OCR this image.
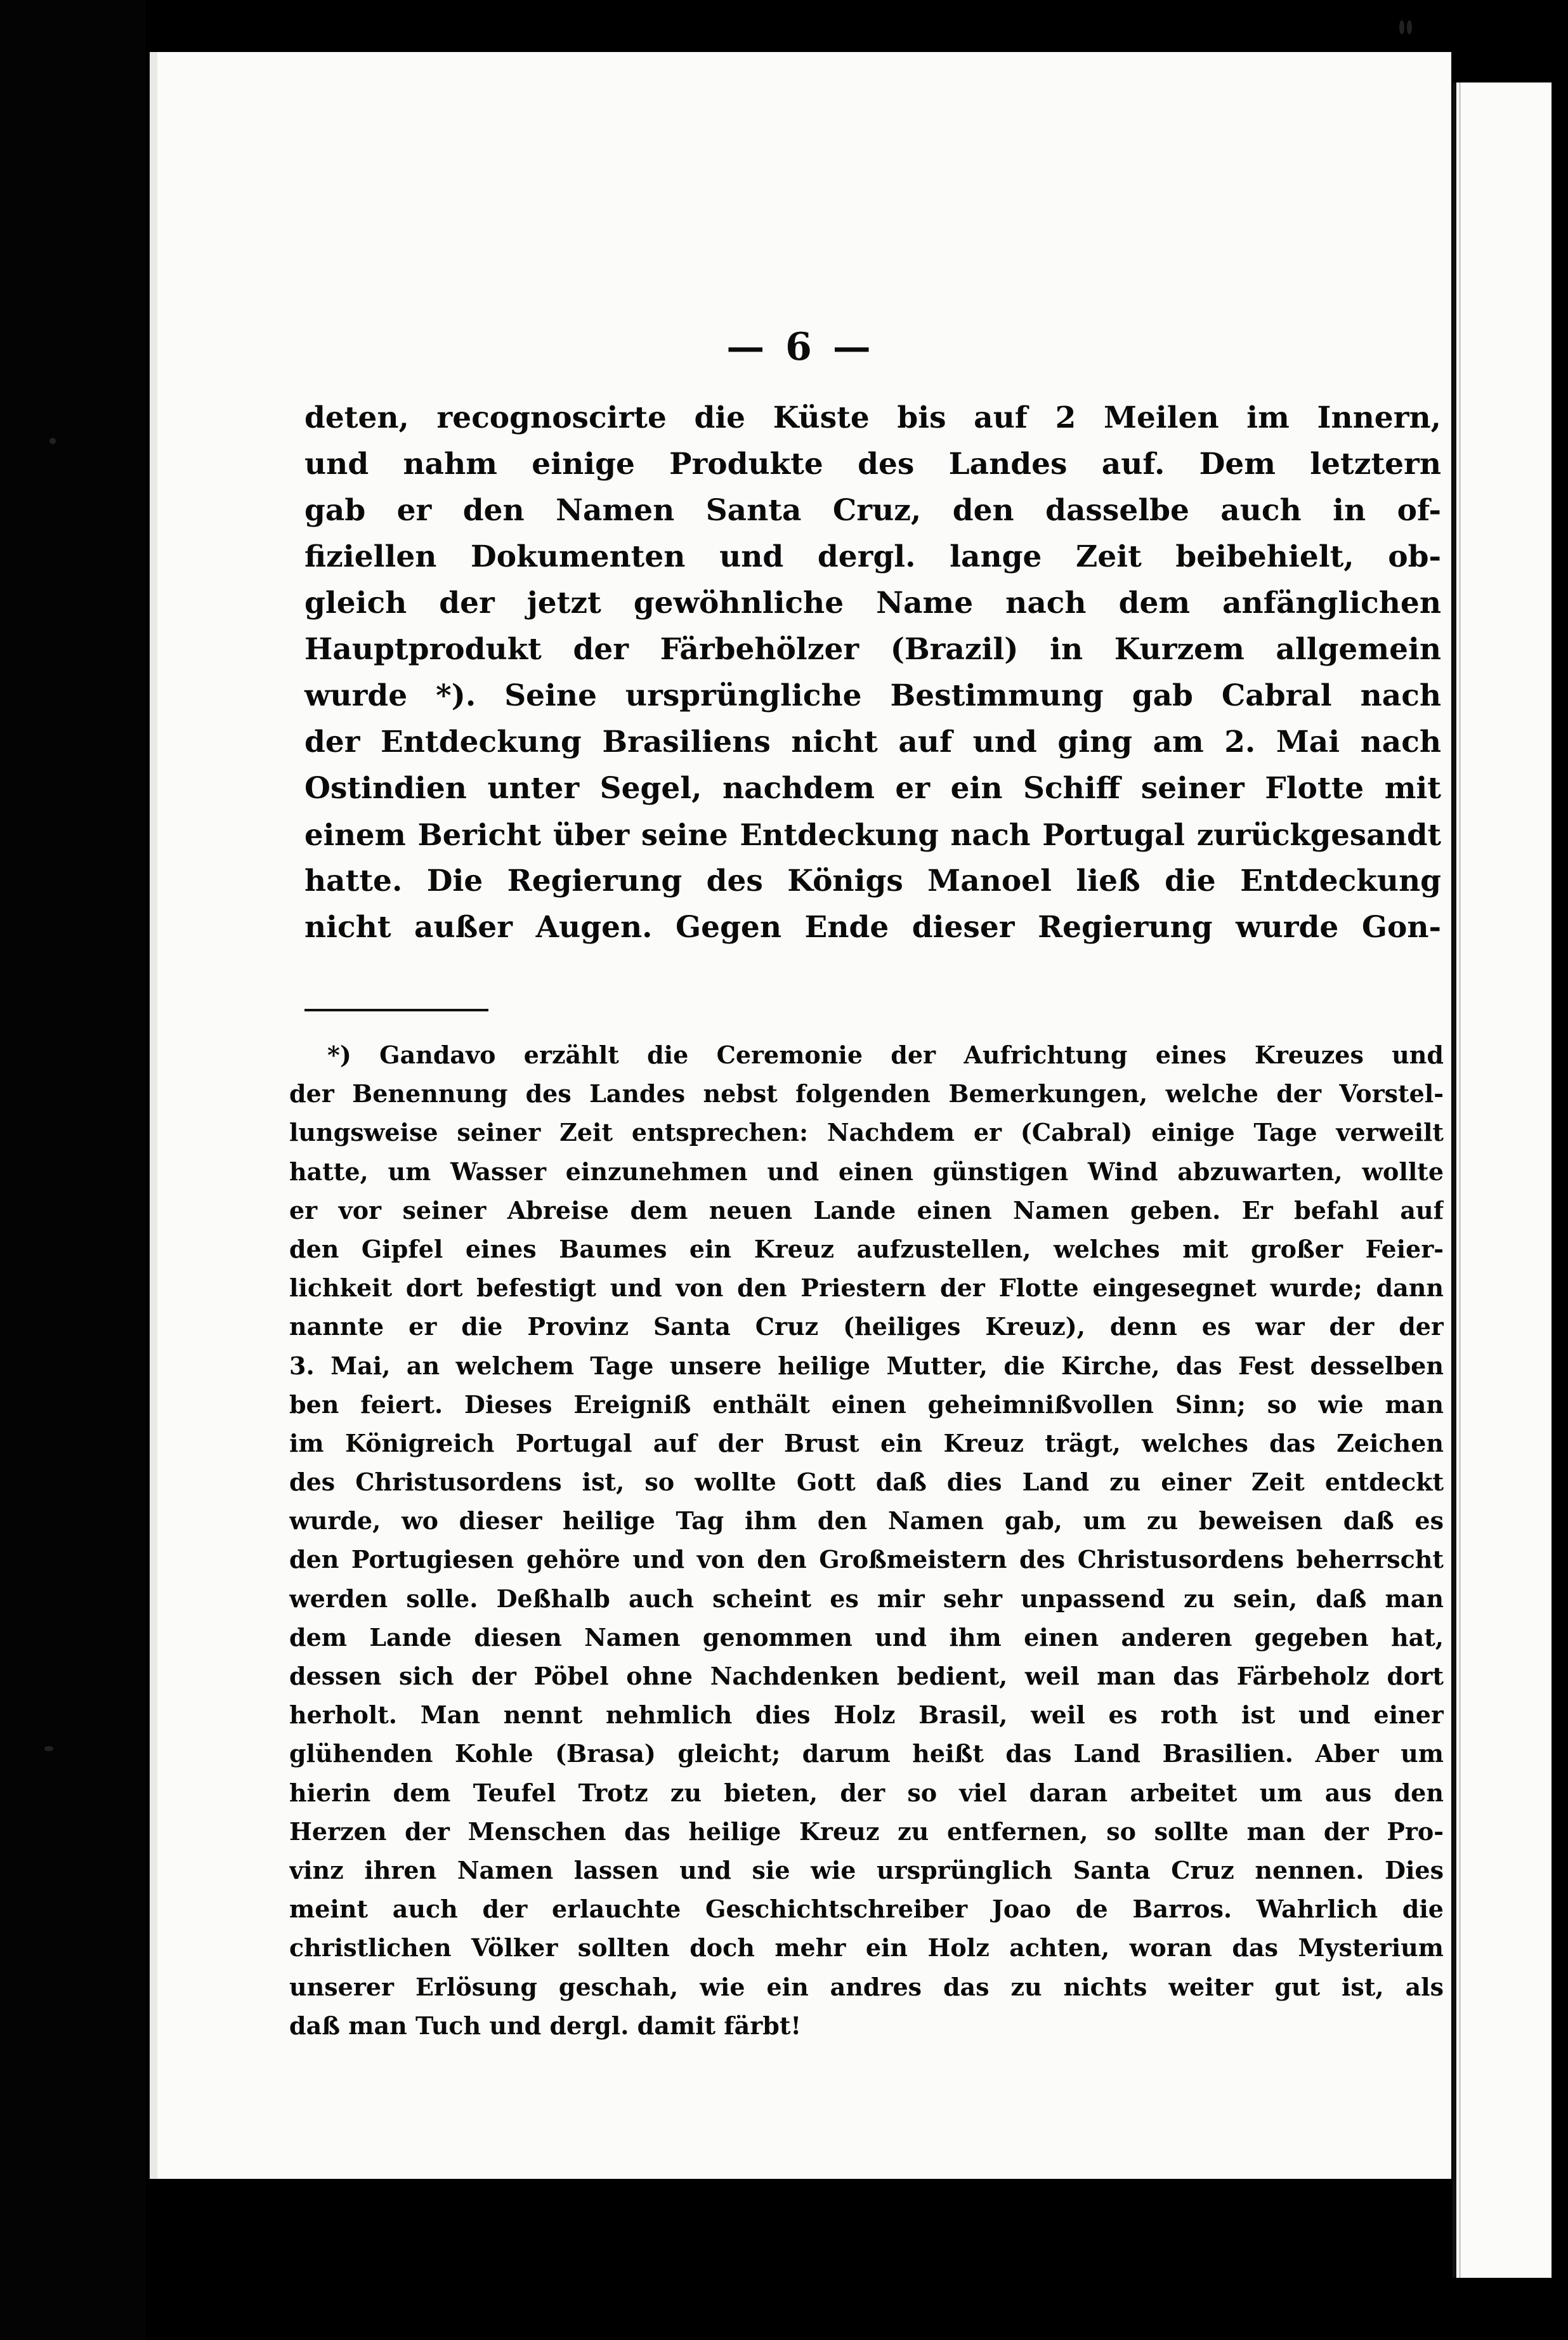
— 6 —
deten, recognoscirte die Küste bis auf 2 Meilen im Innern,
und nahm einige Produkte des Landes auf. Dem letztern
gab er den Namen Santa Cruz, den dasselbe auch in of-
fiziellen Dokumenten und dergl. lange Zeit beibehielt, ob-
gleich der jetzt gewöhnliche Name nach dem anfänglichen
Hauptprodukt der Färbehölzer (Brazil) in Kurzem allgemein
wurde *). Seine ursprüngliche Bestimmung gab Cabral nach
der Entdeckung Brasiliens nicht auf und ging am 2. Mai nach
Ostindien unter Segel, nachdem er ein Schiff seiner Flotte mit
einem Bericht über seine Entdeckung nach Portugal zurückgesandt
hatte. Die Regierung des Königs Manoel ließ die Entdeckung
nicht außer Augen. Gegen Ende dieser Regierung wurde Gon-
*) Gandavo erzählt die Ceremonie der Aufrichtung eines Kreuzes und
der Benennung des Landes nebst folgenden Bemerkungen, welche der Vorstel-
lungsweise seiner Zeit entsprechen: Nachdem er (Cabral) einige Tage verweilt
hatte, um Wasser einzunehmen und einen günstigen Wind abzuwarten, wollte
er vor seiner Abreise dem neuen Lande einen Namen geben. Er befahl auf
den Gipfel eines Baumes ein Kreuz aufzustellen, welches mit großer Feier-
lichkeit dort befestigt und von den Priestern der Flotte eingesegnet wurde; dann
nannte er die Provinz Santa Cruz (heiliges Kreuz), denn es war der der
3. Mai, an welchem Tage unsere heilige Mutter, die Kirche, das Fest desselben
ben feiert. Dieses Ereigniß enthält einen geheimnißvollen Sinn; so wie man
im Königreich Portugal auf der Brust ein Kreuz trägt, welches das Zeichen
des Christusordens ist, so wollte Gott daß dies Land zu einer Zeit entdeckt
wurde, wo dieser heilige Tag ihm den Namen gab, um zu beweisen daß es
den Portugiesen gehöre und von den Großmeistern des Christusordens beherrscht
werden solle. Deßhalb auch scheint es mir sehr unpassend zu sein, daß man
dem Lande diesen Namen genommen und ihm einen anderen gegeben hat,
dessen sich der Pöbel ohne Nachdenken bedient, weil man das Färbeholz dort
herholt. Man nennt nehmlich dies Holz Brasil, weil es roth ist und einer
glühenden Kohle (Brasa) gleicht; darum heißt das Land Brasilien. Aber um
hierin dem Teufel Trotz zu bieten, der so viel daran arbeitet um aus den
Herzen der Menschen das heilige Kreuz zu entfernen, so sollte man der Pro-
vinz ihren Namen lassen und sie wie ursprünglich Santa Cruz nennen. Dies
meint auch der erlauchte Geschichtschreiber Joao de Barros. Wahrlich die
christlichen Völker sollten doch mehr ein Holz achten, woran das Mysterium
unserer Erlösung geschah, wie ein andres das zu nichts weiter gut ist, als
daß man Tuch und dergl. damit färbt!
